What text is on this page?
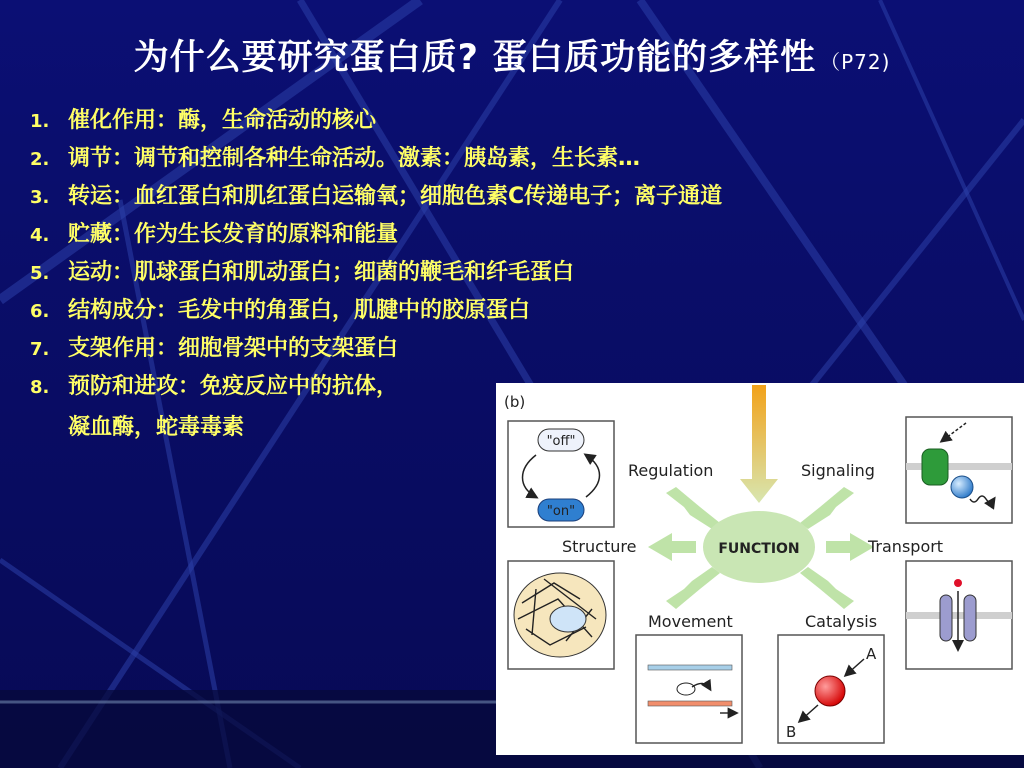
为什么要研究蛋白质? 蛋白质功能的多样性 （P72)
1. 催化作用：酶，生命活动的核心
2. 调节：调节和控制各种生命活动。激素：胰岛素，生长素…
3. 转运：血红蛋白和肌红蛋白运输氧；细胞色素C传递电子；离子通道
4. 贮藏：作为生长发育的原料和能量
5. 运动：肌球蛋白和肌动蛋白；细菌的鞭毛和纤毛蛋白
6. 结构成分：毛发中的角蛋白，肌腱中的胶原蛋白
7. 支架作用：细胞骨架中的支架蛋白
8. 预防和进攻：免疫反应中的抗体，
凝血酶，蛇毒毒素
(b)
FUNCTION
Regulation	Signaling
Structure	Transport
Movement	Catalysis
"off"
"on"
A
B
